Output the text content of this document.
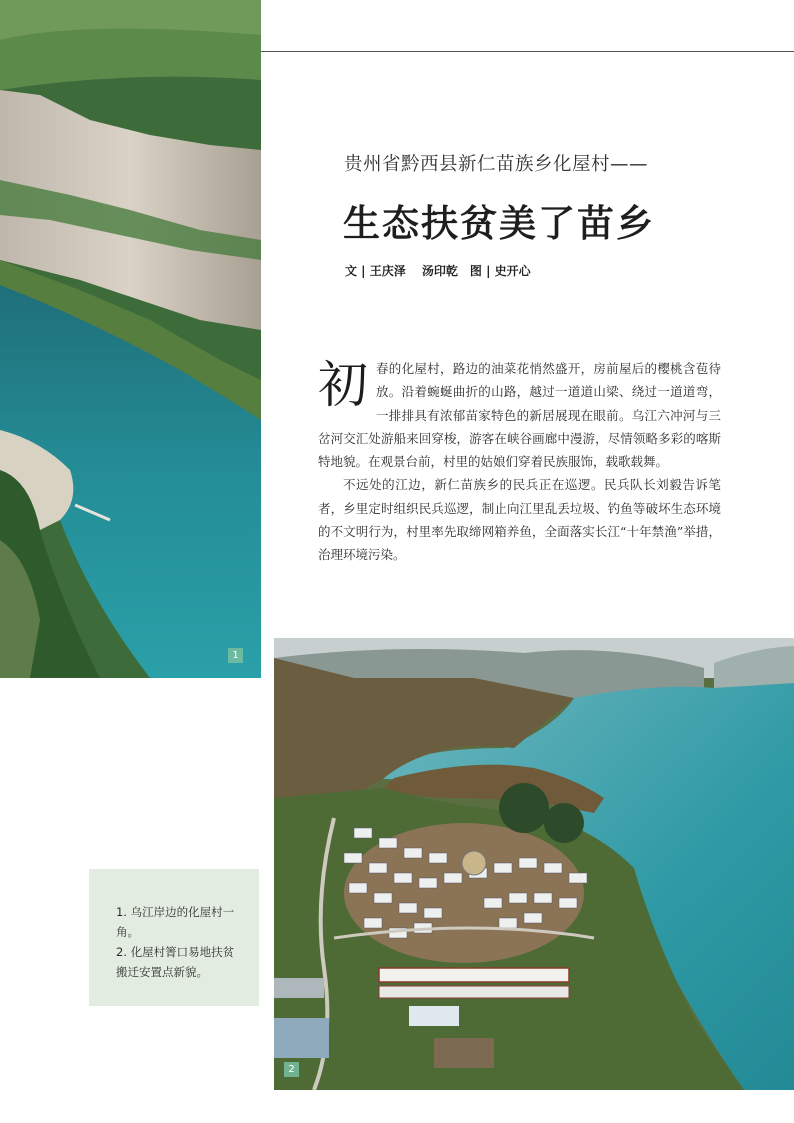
1
2
贵州省黔西县新仁苗族乡化屋村——
生态扶贫美了苗乡
文 | 王庆泽　 汤印乾　图 | 史开心

初春的化屋村，路边的油菜花悄然盛开，房前屋后的樱桃含苞待放。沿着蜿蜒曲折的山路，越过一道道山梁、绕过一道道弯，一排排具有浓郁苗家特色的新居展现在眼前。乌江六冲河与三岔河交汇处游船来回穿梭，游客在峡谷画廊中漫游，尽情领略多彩的喀斯特地貌。在观景台前，村里的姑娘们穿着民族服饰，载歌载舞。

不远处的江边，新仁苗族乡的民兵正在巡逻。民兵队长刘毅告诉笔者，乡里定时组织民兵巡逻，制止向江里乱丢垃圾、钓鱼等破坏生态环境的不文明行为，村里率先取缔网箱养鱼，全面落实长江“十年禁渔”举措，治理环境污染。

1. 乌江岸边的化屋村一角。

2. 化屋村箐口易地扶贫搬迁安置点新貌。
